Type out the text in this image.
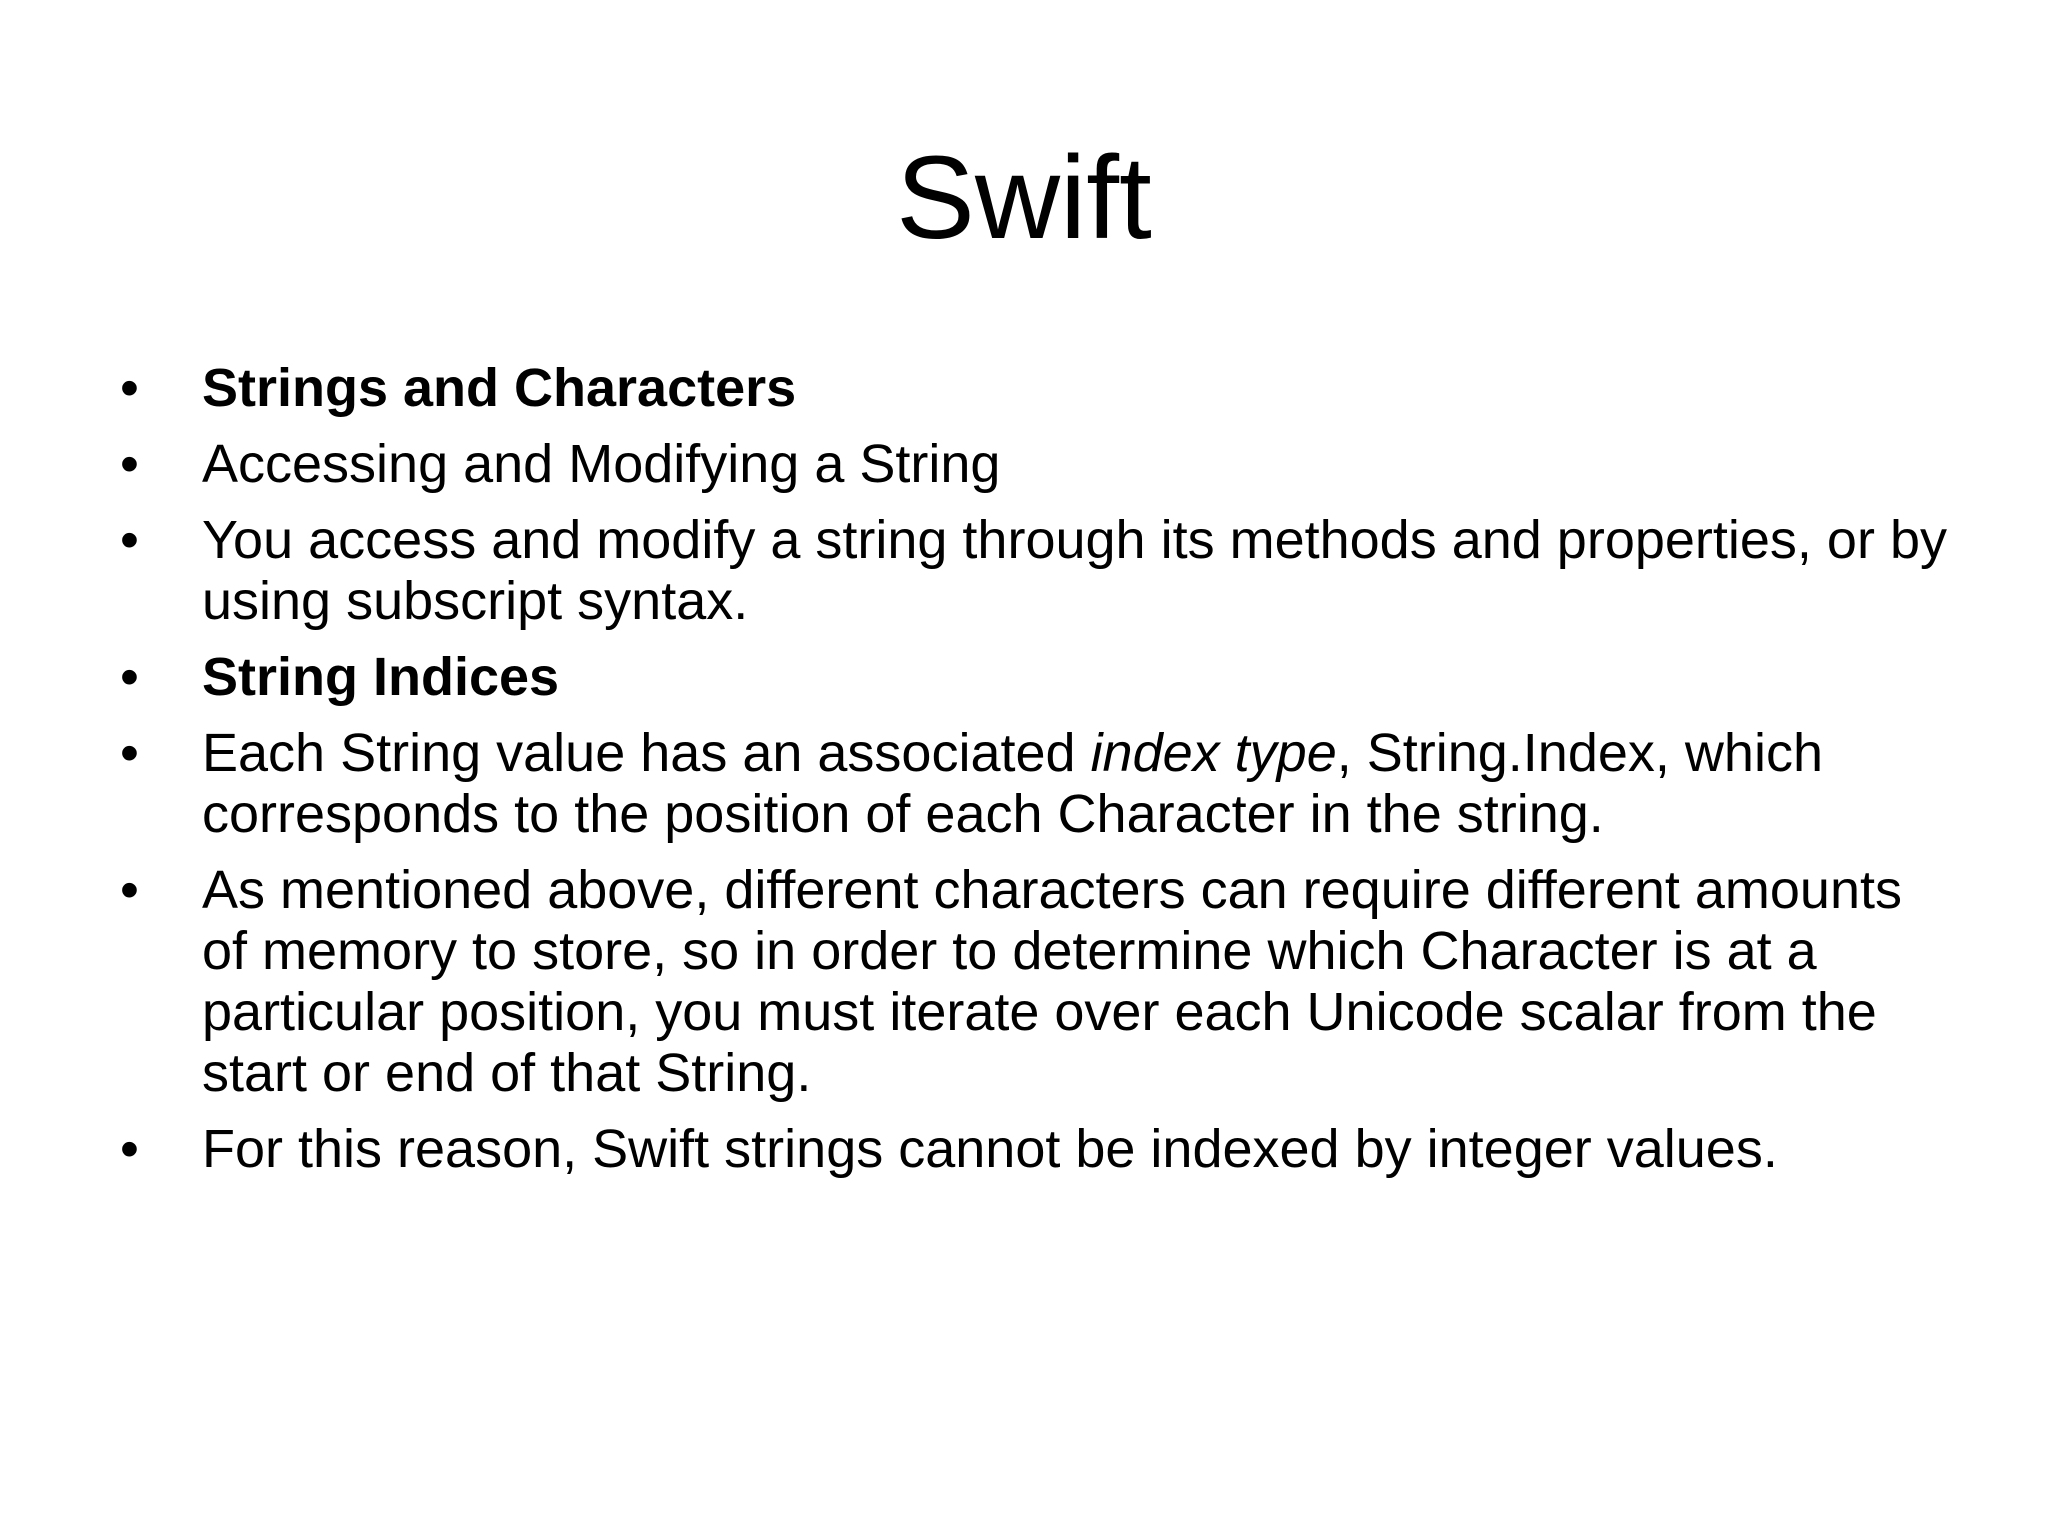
Swift
•	Strings and Characters
•	Accessing and Modifying a String
•	You access and modify a string through its methods and properties, or by using subscript syntax.
•	String Indices
•	Each String value has an associated index type, String.Index, which corresponds to the position of each Character in the string.
•	As mentioned above, different characters can require different amounts of memory to store, so in order to determine which Character is at a particular position, you must iterate over each Unicode scalar from the start or end of that String.
•	For this reason, Swift strings cannot be indexed by integer values.
